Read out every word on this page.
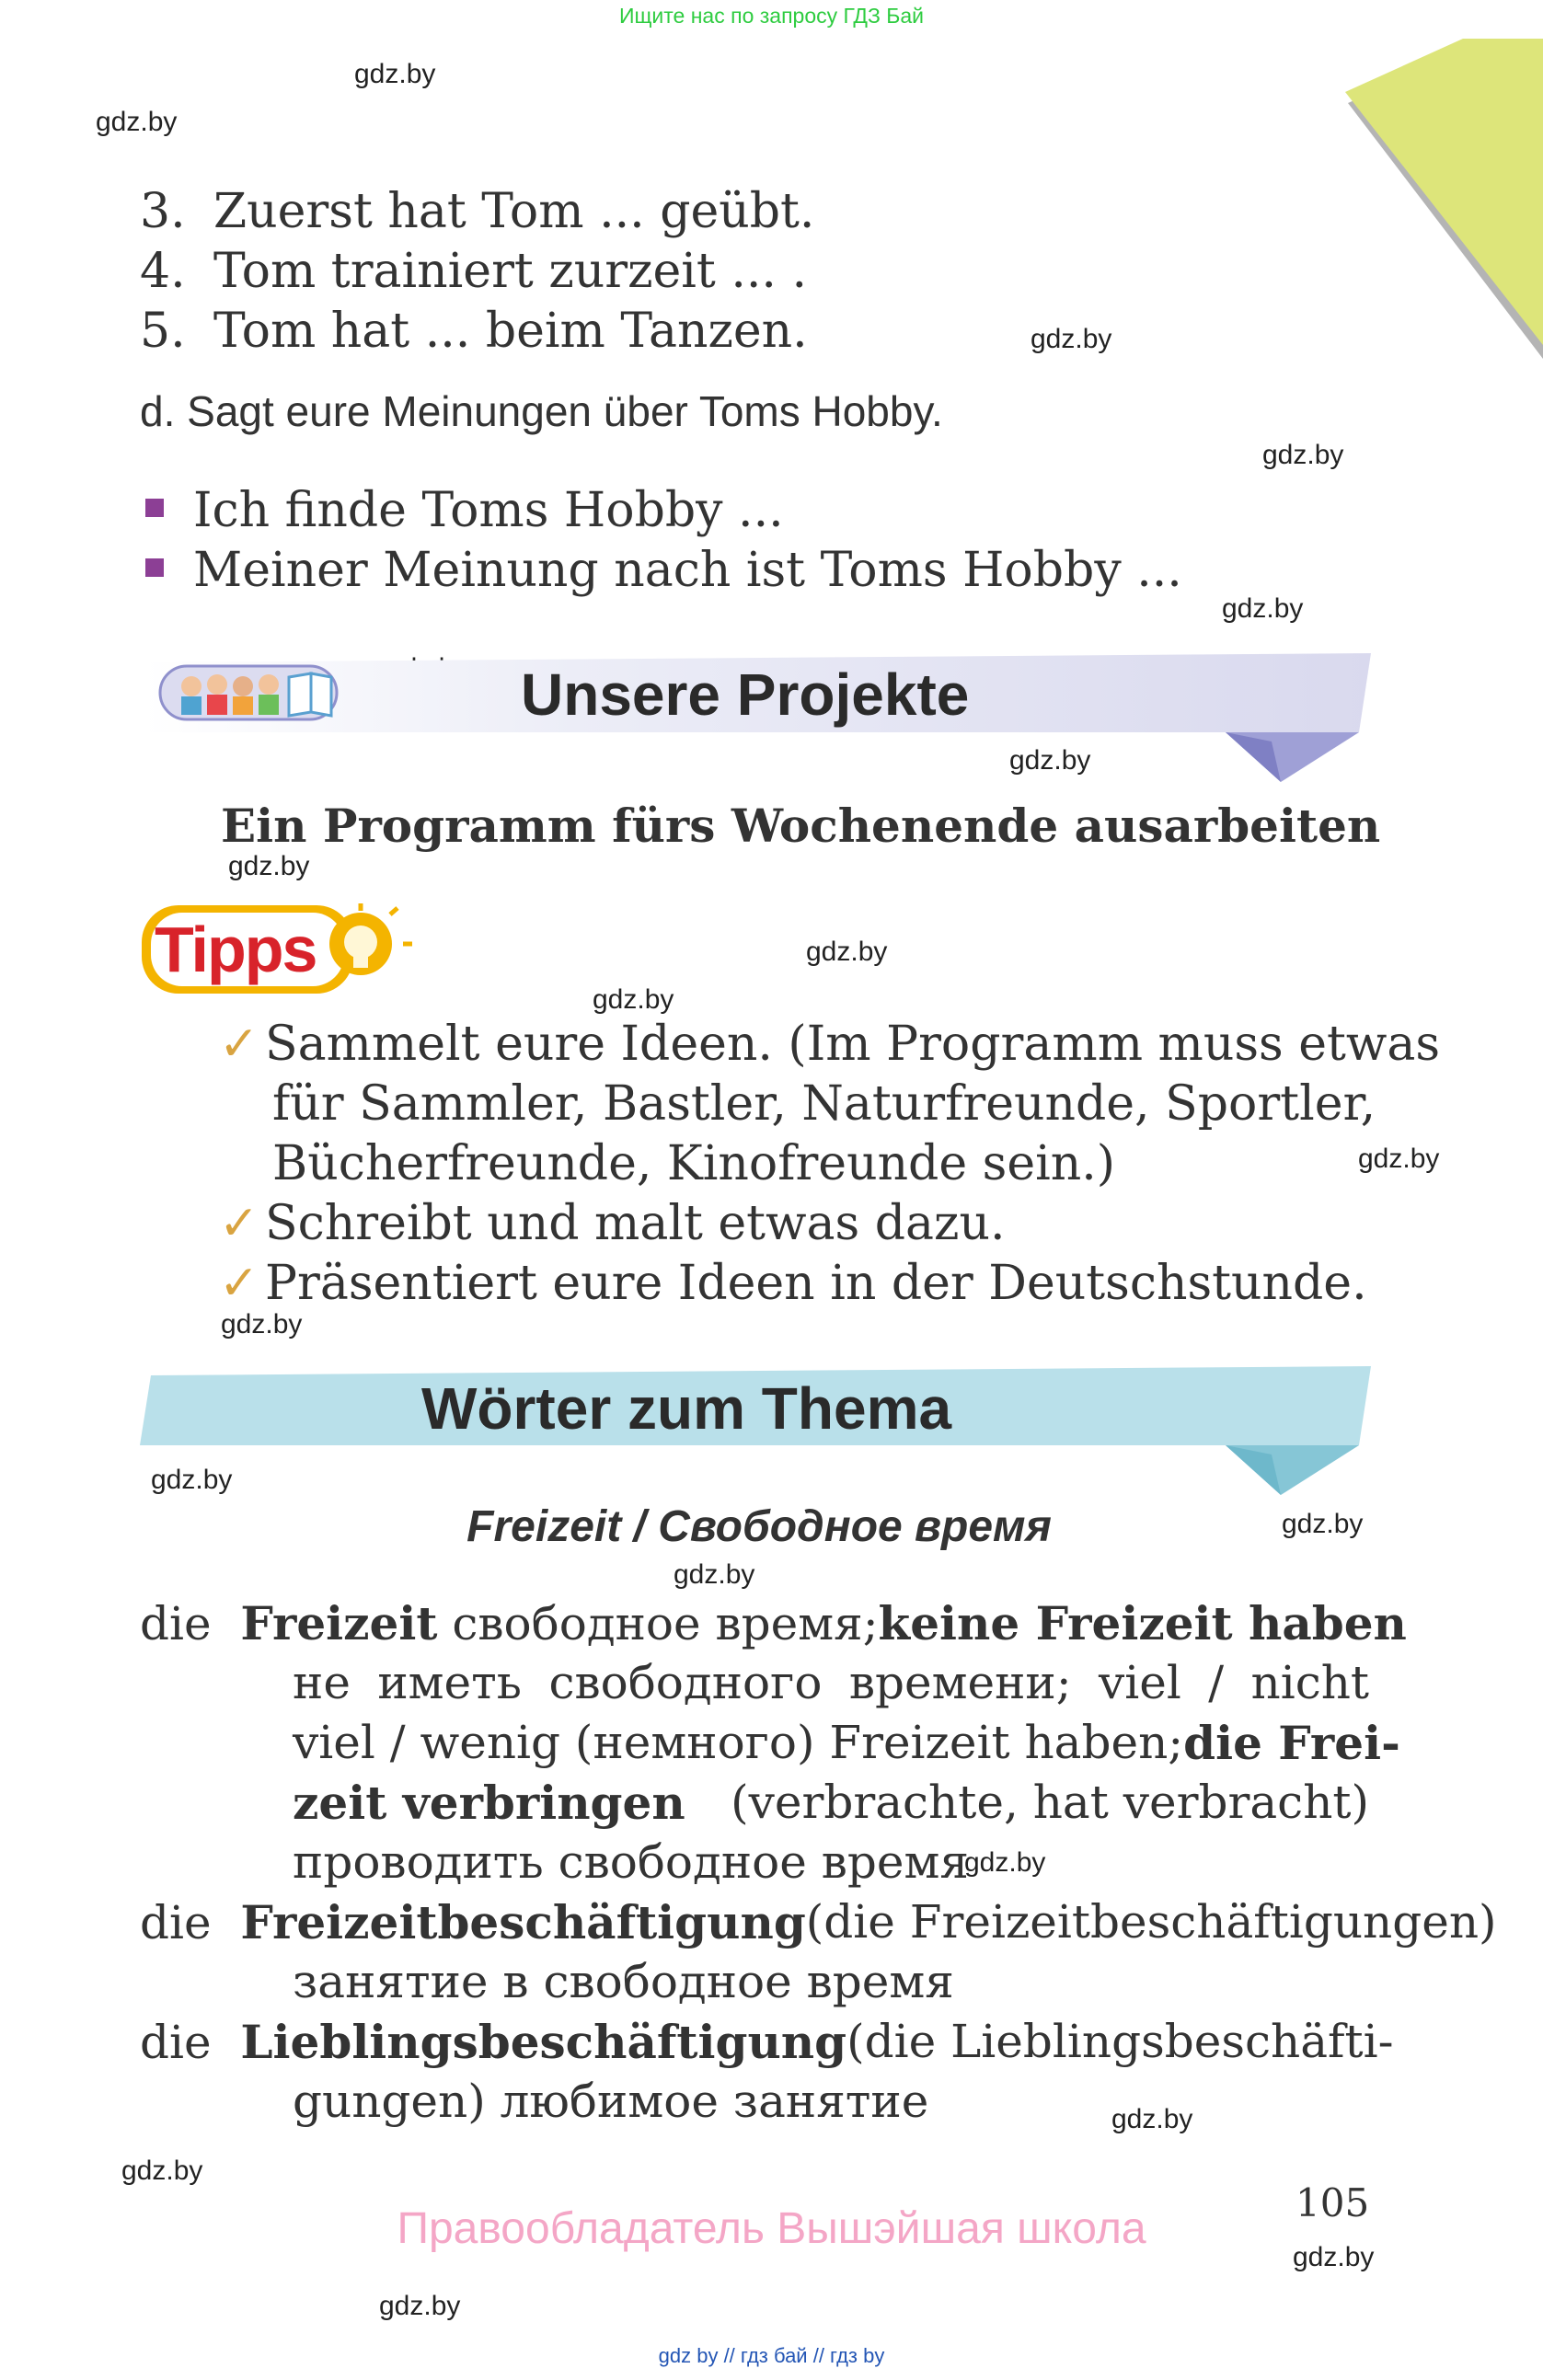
Ищите нас по запросу ГДЗ Бай
gdz.by
gdz.by
gdz.by
gdz.by
gdz.by
gdz.by
gdz.by
gdz.by
gdz.by
gdz.by
gdz.by
gdz.by
gdz.by
gdz.by
gdz.by
gdz.by
gdz.by
gdz.by
gdz.by
3. Zuerst hat Tom ... geübt.
4. Tom trainiert zurzeit ... .
5. Tom hat ... beim Tanzen.
d. Sagt eure Meinungen über Toms Hobby.
Ich finde Toms Hobby ...
Meiner Meinung nach ist Toms Hobby ...
Unsere Projekte
Ein Programm fürs Wochenende ausarbeiten
Tipps
✓ Sammelt eure Ideen. (Im Programm muss etwas
für Sammler, Bastler, Naturfreunde, Sportler,
Bücherfreunde, Kinofreunde sein.)
✓ Schreibt und malt etwas dazu.
✓ Präsentiert eure Ideen in der Deutschstunde.
Wörter zum Thema
Freizeit / Свободное время
die Freizeit свободное время; keine Freizeit haben
не иметь свободного времени; viel / nicht
viel / wenig (немного) Freizeit haben; die Frei-
zeit verbringen (verbrachte, hat verbracht)
проводить свободное время
die Freizeitbeschäftigung (die Freizeitbeschäftigungen)
занятие в свободное время
die Lieblingsbeschäftigung (die Lieblingsbeschäfti-
gungen) любимое занятие
105
Правообладатель Вышэйшая школа
gdz by // гдз бай // гдз by
